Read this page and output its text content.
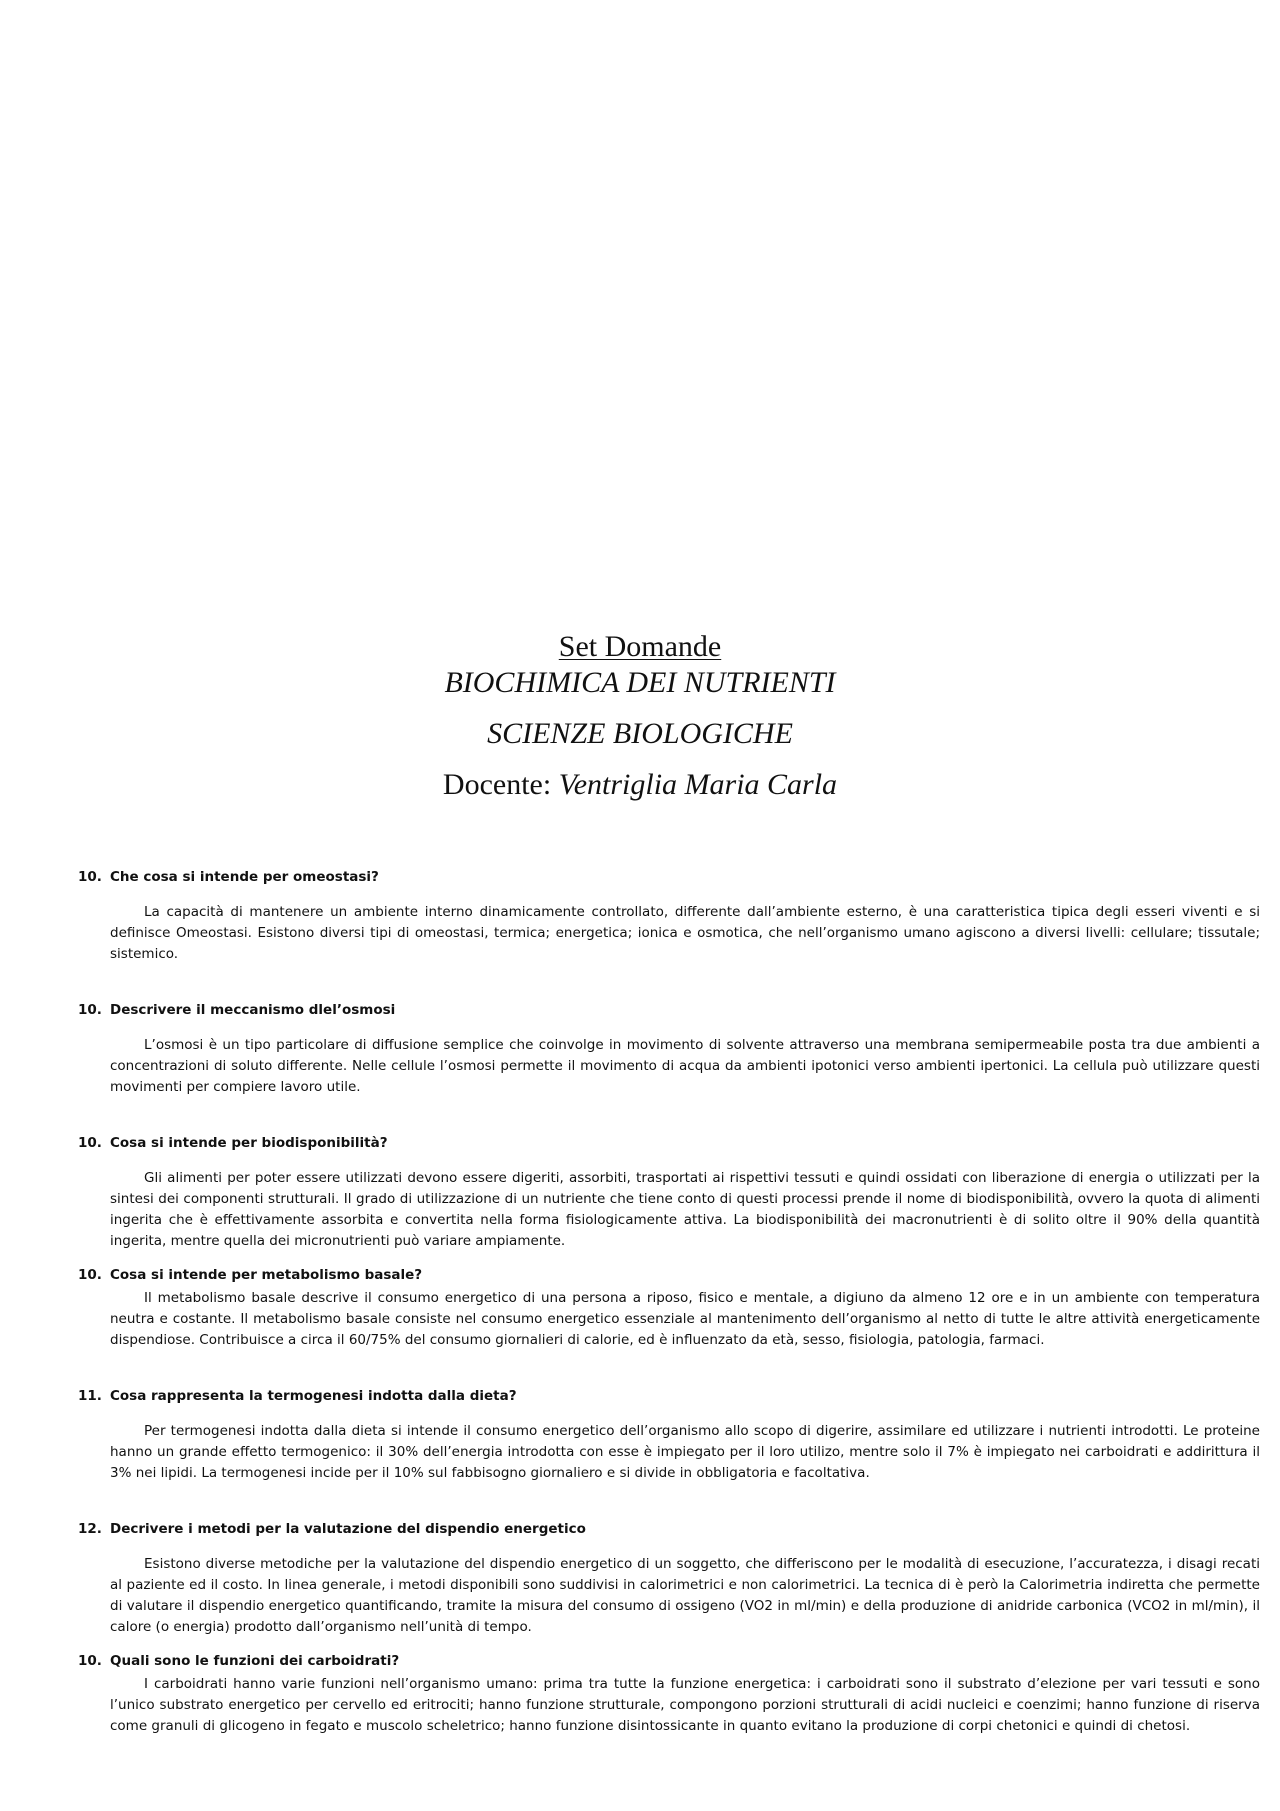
Set Domande
BIOCHIMICA DEI NUTRIENTI
SCIENZE BIOLOGICHE
Docente: Ventriglia Maria Carla
10. Che cosa si intende per omeostasi?
La capacità di mantenere un ambiente interno dinamicamente controllato, differente dall’ambiente esterno, è una caratteristica tipica degli esseri viventi e si definisce Omeostasi. Esistono diversi tipi di omeostasi, termica; energetica; ionica e osmotica, che nell’organismo umano agiscono a diversi livelli: cellulare; tissutale; sistemico.
10. Descrivere il meccanismo dlel’osmosi
L’osmosi è un tipo particolare di diffusione semplice che coinvolge in movimento di solvente attraverso una membrana semipermeabile posta tra due ambienti a concentrazioni di soluto differente. Nelle cellule l’osmosi permette il movimento di acqua da ambienti ipotonici verso ambienti ipertonici. La cellula può utilizzare questi movimenti per compiere lavoro utile.
10. Cosa si intende per biodisponibilità?
Gli alimenti per poter essere utilizzati devono essere digeriti, assorbiti, trasportati ai rispettivi tessuti e quindi ossidati con liberazione di energia o utilizzati per la sintesi dei componenti strutturali. Il grado di utilizzazione di un nutriente che tiene conto di questi processi prende il nome di biodisponibilità, ovvero la quota di alimenti ingerita che è effettivamente assorbita e convertita nella forma fisiologicamente attiva. La biodisponibilità dei macronutrienti è di solito oltre il 90% della quantità ingerita, mentre quella dei micronutrienti può variare ampiamente.
10. Cosa si intende per metabolismo basale?
Il metabolismo basale descrive il consumo energetico di una persona a riposo, fisico e mentale, a digiuno da almeno 12 ore e in un ambiente con temperatura neutra e costante. Il metabolismo basale consiste nel consumo energetico essenziale al mantenimento dell’organismo al netto di tutte le altre attività energeticamente dispendiose. Contribuisce a circa il 60/75% del consumo giornalieri di calorie, ed è influenzato da età, sesso, fisiologia, patologia, farmaci.
11. Cosa rappresenta la termogenesi indotta dalla dieta?
Per termogenesi indotta dalla dieta si intende il consumo energetico dell’organismo allo scopo di digerire, assimilare ed utilizzare i nutrienti introdotti. Le proteine hanno un grande effetto termogenico: il 30% dell’energia introdotta con esse è impiegato per il loro utilizo, mentre solo il 7% è impiegato nei carboidrati e addirittura il 3% nei lipidi. La termogenesi incide per il 10% sul fabbisogno giornaliero e si divide in obbligatoria e facoltativa.
12. Decrivere i metodi per la valutazione del dispendio energetico
Esistono diverse metodiche per la valutazione del dispendio energetico di un soggetto, che differiscono per le modalità di esecuzione, l’accuratezza, i disagi recati al paziente ed il costo. In linea generale, i metodi disponibili sono suddivisi in calorimetrici e non calorimetrici. La tecnica di è però la Calorimetria indiretta che permette di valutare il dispendio energetico quantificando, tramite la misura del consumo di ossigeno (VO2 in ml/min) e della produzione di anidride carbonica (VCO2 in ml/min), il calore (o energia) prodotto dall’organismo nell’unità di tempo.
10. Quali sono le funzioni dei carboidrati?
I carboidrati hanno varie funzioni nell’organismo umano: prima tra tutte la funzione energetica: i carboidrati sono il substrato d’elezione per vari tessuti e sono l’unico substrato energetico per cervello ed eritrociti; hanno funzione strutturale, compongono porzioni strutturali di acidi nucleici e coenzimi; hanno funzione di riserva come granuli di glicogeno in fegato e muscolo scheletrico; hanno funzione disintossicante in quanto evitano la produzione di corpi chetonici e quindi di chetosi.
